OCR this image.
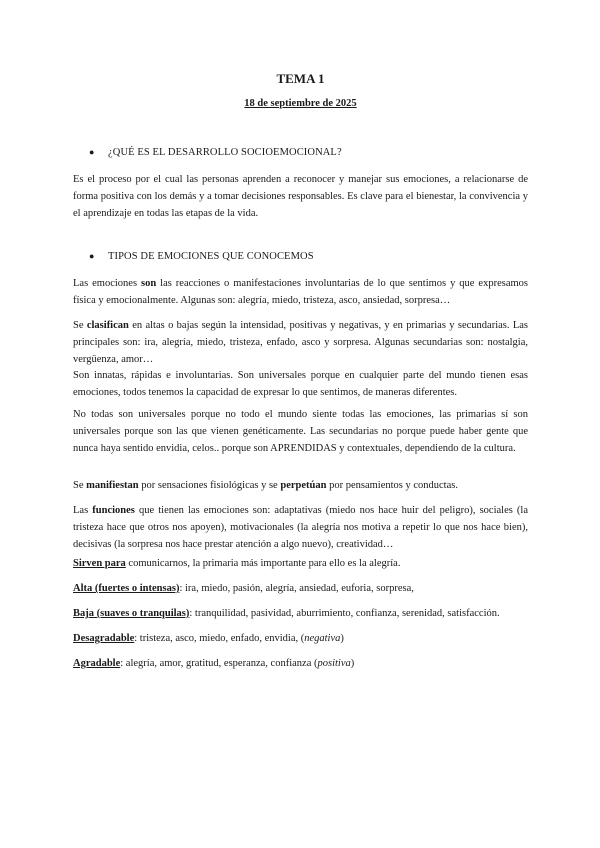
TEMA 1
18 de septiembre de 2025
● ¿QUÉ ES EL DESARROLLO SOCIOEMOCIONAL?
Es el proceso por el cual las personas aprenden a reconocer y manejar sus emociones, a relacionarse de forma positiva con los demás y a tomar decisiones responsables. Es clave para el bienestar, la convivencia y el aprendizaje en todas las etapas de la vida.
● TIPOS DE EMOCIONES QUE CONOCEMOS
Las emociones son las reacciones o manifestaciones involuntarias de lo que sentimos y que expresamos física y emocionalmente. Algunas son: alegría, miedo, tristeza, asco, ansiedad, sorpresa…
Se clasifican en altas o bajas según la intensidad, positivas y negativas, y en primarias y secundarias. Las principales son: ira, alegría, miedo, tristeza, enfado, asco y sorpresa. Algunas secundarias son: nostalgia, vergüenza, amor…
Son innatas, rápidas e involuntarias. Son universales porque en cualquier parte del mundo tienen esas emociones, todos tenemos la capacidad de expresar lo que sentimos, de maneras diferentes.
No todas son universales porque no todo el mundo siente todas las emociones, las primarias sí son universales porque son las que vienen genéticamente. Las secundarias no porque puede haber gente que nunca haya sentido envidia, celos.. porque son APRENDIDAS y contextuales, dependiendo de la cultura.
Se manifiestan por sensaciones fisiológicas y se perpetúan por pensamientos y conductas.
Las funciones que tienen las emociones son: adaptativas (miedo nos hace huir del peligro), sociales (la tristeza hace que otros nos apoyen), motivacionales (la alegría nos motiva a repetir lo que nos hace bien), decisivas (la sorpresa nos hace prestar atención a algo nuevo), creatividad…
Sirven para comunicarnos, la primaria más importante para ello es la alegría.
Alta (fuertes o intensas): ira, miedo, pasión, alegría, ansiedad, euforia, sorpresa,
Baja (suaves o tranquilas): tranquilidad, pasividad, aburrimiento, confianza, serenidad, satisfacción.
Desagradable: tristeza, asco, miedo, enfado, envidia, (negativa)
Agradable: alegría, amor, gratitud, esperanza, confianza (positiva)
